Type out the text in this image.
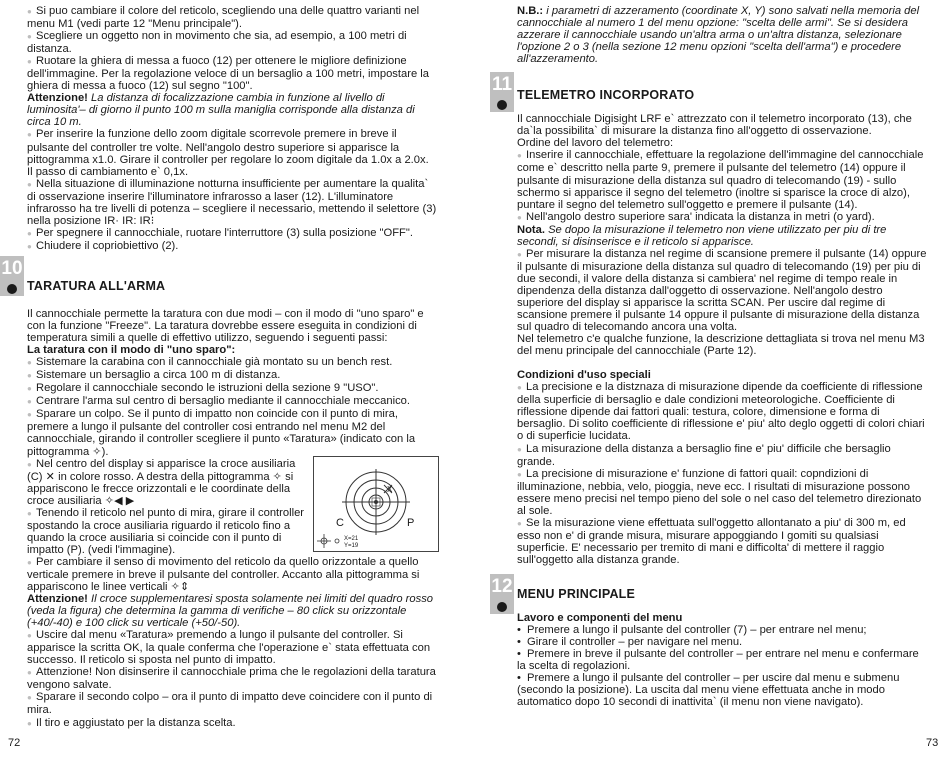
● Si puo cambiare il colore del reticolo, scegliendo una delle quattro varianti nel menu M1 (vedi parte 12 "Menu principale").

● Scegliere un oggetto non in movimento che sia, ad esempio, a 100 metri di distanza.

● Ruotare la ghiera di messa a fuoco (12) per ottenere le migliore definizione dell'immagine. Per la regolazione veloce di un bersaglio a 100 metri, impostare la ghiera di messa a fuoco (12) sul segno "100".

Attenzione! La distanza di focalizzazione cambia in funzione al livello di luminosita'– di giorno il punto 100 m sulla maniglia corrisponde alla distanza di circa 10 m.

● Per inserire la funzione dello zoom digitale scorrevole premere in breve il pulsante del controller tre volte. Nell'angolo destro superiore si apparisce la pittogramma x1.0. Girare il controller per regolare lo zoom digitale da 1.0x a 2.0x. Il passo di cambiamento e` 0,1x.

● Nella situazione di illuminazione notturna insufficiente per aumentare la qualita` di osservazione inserire l'illuminatore infrarosso a laser (12). L'illuminatore infrarosso ha tre livelli di potenza – scegliere il necessario, mettendo il selettore (3) nella posizione IR· IR: IR⁝

● Per spegnere il cannocchiale, ruotare l'interruttore (3) sulla posizione "OFF".

● Chiudere il copriobiettivo (2).

TARATURA ALL'ARMA

Il cannocchiale permette la taratura con due modi – con il modo di "uno sparo" e con la funzione "Freeze". La taratura dovrebbe essere eseguita in condizioni di temperatura simili a quelle di effettivo utilizzo, seguendo i seguenti passi:

La taratura con il modo di "uno sparo":

● Sistemare la carabina con il cannocchiale già montato su un bench rest.

● Sistemare un bersaglio a circa 100 m di distanza.

● Regolare il cannocchiale secondo le istruzioni della sezione 9 "USO".

● Centrare l'arma sul centro di bersaglio mediante il cannocchiale meccanico.

● Sparare un colpo. Se il punto di impatto non coincide con il punto di mira, premere a lungo il pulsante del controller cosi entrando nel menu M2 del cannocchiale, girando il controller scegliere il punto «Taratura» (indicato con la pittogramma ✧).

● Nel centro del display si apparisce la croce ausiliaria (C) ✕ in colore rosso. A destra della pittogramma ✧ si appariscono le frecce orizzontali e le coordinate della croce ausiliaria ✧◀ ▶

● Tenendo il reticolo nel punto di mira, girare il controller spostando la croce ausiliaria riguardo il reticolo fino a quando la croce ausiliaria si coincide con il punto di impatto (P). (vedi l'immagine).

● Per cambiare il senso di movimento del reticolo da quello orizzontale a quello verticale premere in breve il pulsante del controller. Accanto alla pittogramma si appariscono le linee verticali ✧⇕

Attenzione! Il croce supplementaresi sposta solamente nei limiti del quadro rosso (veda la figura) che determina la gamma di verifiche – 80 click su orizzontale (+40/-40) e 100 click su verticale (+50/-50).

● Uscire dal menu «Taratura» premendo a lungo il pulsante del controller. Si apparisce la scritta OK, la quale conferma che l'operazione e` stata effettuata con successo. Il reticolo si sposta nel punto di impatto.

● Attenzione! Non disinserire il cannocchiale prima che le regolazioni della taratura vengono salvate.

● Sparare il secondo colpo – ora il punto di impatto deve coincidere con il punto di mira.

● Il tiro e aggiustato per la distanza scelta.

10
C	P
X
X=21
Y=19
72

N.B.: i parametri di azzeramento (coordinate X, Y) sono salvati nella memoria del cannocchiale al numero 1 del menu opzione: "scelta delle armi". Se si desidera azzerare il cannocchiale usando un'altra arma o un'altra distanza, selezionare l'opzione 2 o 3 (nella sezione 12 menu opzioni "scelta dell'arma") e procedere all'azzeramento.

TELEMETRO INCORPORATO

Il cannocchiale Digisight LRF e` attrezzato con il telemetro incorporato (13), che da`la possibilita` di misurare la distanza fino all'oggetto di osservazione.

Ordine del lavoro del telemetro:

● Inserire il cannocchiale, effettuare la regolazione dell'immagine del cannocchiale come e` descritto nella parte 9, premere il pulsante del telemetro (14) oppure il pulsante di misurazione della distanza sul quadro di telecomando (19) - sullo schermo si apparisce il segno del telemetro (inoltre si sparisce la croce di alzo), puntare il segno del telemetro sull'oggetto e premere il pulsante (14).

● Nell'angolo destro superiore sara' indicata la distanza in metri (o yard).

Nota. Se dopo la misurazione il telemetro non viene utilizzato per piu di tre secondi, si disinserisce e il reticolo si apparisce.

● Per misurare la distanza nel regime di scansione premere il pulsante (14) oppure il pulsante di misurazione della distanza sul quadro di telecomando (19) per piu di due secondi, il valore della distanza si cambiera' nel regime di tempo reale in dipendenza della distanza dall'oggetto di osservazione. Nell'angolo destro superiore del display si apparisce la scritta SCAN. Per uscire dal regime di scansione premere il pulsante 14 oppure il pulsante di misurazione della distanza sul quadro di telecomando ancora una volta.

Nel telemetro c'e qualche funzione, la descrizione dettagliata si trova nel menu M3 del menu principale del cannocchiale (Parte 12).

Condizioni d'uso speciali

● La precisione e la distznaza di misurazione dipende da coefficiente di riflessione della superficie di bersaglio e dale condizioni meteorologiche. Coefficiente di riflessione dipende dai fattori quali: testura, colore, dimensione e forma di bersaglio. Di solito coefficiente di riflessione e' piu' alto deglo oggetti di colori chiari o di superficie lucidata.

● La misurazione della distanza a bersaglio fine e' piu' difficile che bersaglio grande.

● La precisione di misurazione e' funzione di fattori quail: copndizioni di illuminazione, nebbia, velo, pioggia, neve ecc. I risultati di misurazione possono essere meno precisi nel tempo pieno del sole o nel caso del telemetro direzionato al sole.

● Se la misurazione viene effettuata sull'oggetto allontanato a piu' di 300 m, ed esso non e' di grande misura, misurare appoggiando I gomiti su qualsiasi superficie. E' necessario per tremito di mani e difficolta' di mettere il raggio sull'oggetto alla distanza grande.

MENU PRINCIPALE

Lavoro e componenti del menu

• Premere a lungo il pulsante del controller (7) – per entrare nel menu;

• Girare il controller – per navigare nel menu.

• Premere in breve il pulsante del controller – per entrare nel menu e confermare la scelta di regolazioni.

• Premere a lungo il pulsante del controller – per uscire dal menu e submenu (secondo la posizione). La uscita dal menu viene effettuata anche in modo automatico dopo 10 secondi di inattivita` (il menu non viene navigato).

11
12
73
